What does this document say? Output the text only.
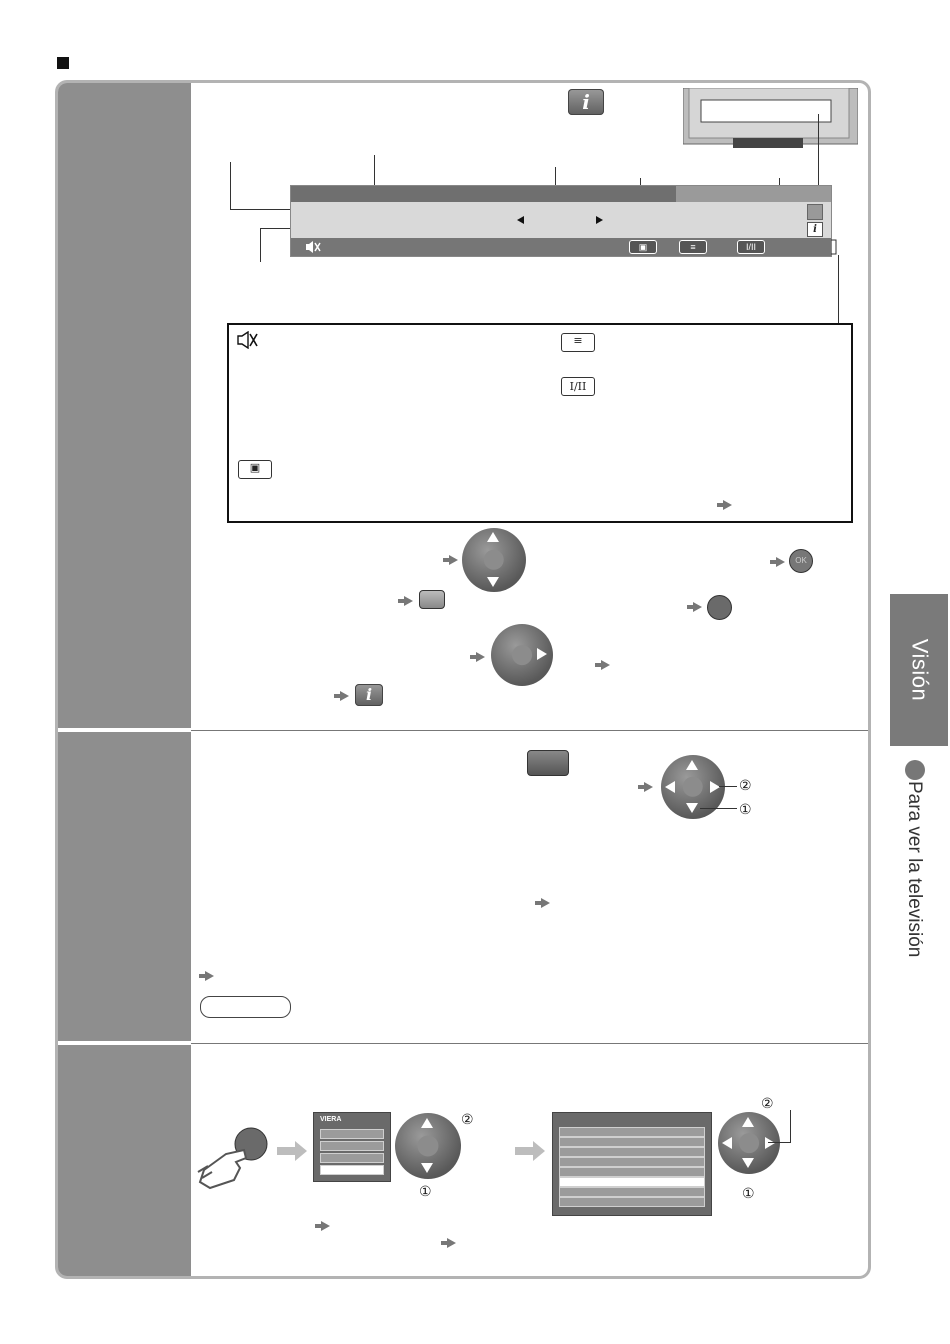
i
i
▣	≡	I/II
≡
I/II
▣
OK
i
②
①
VIERA	②
①
②
①
Visión
Para ver la televisión
